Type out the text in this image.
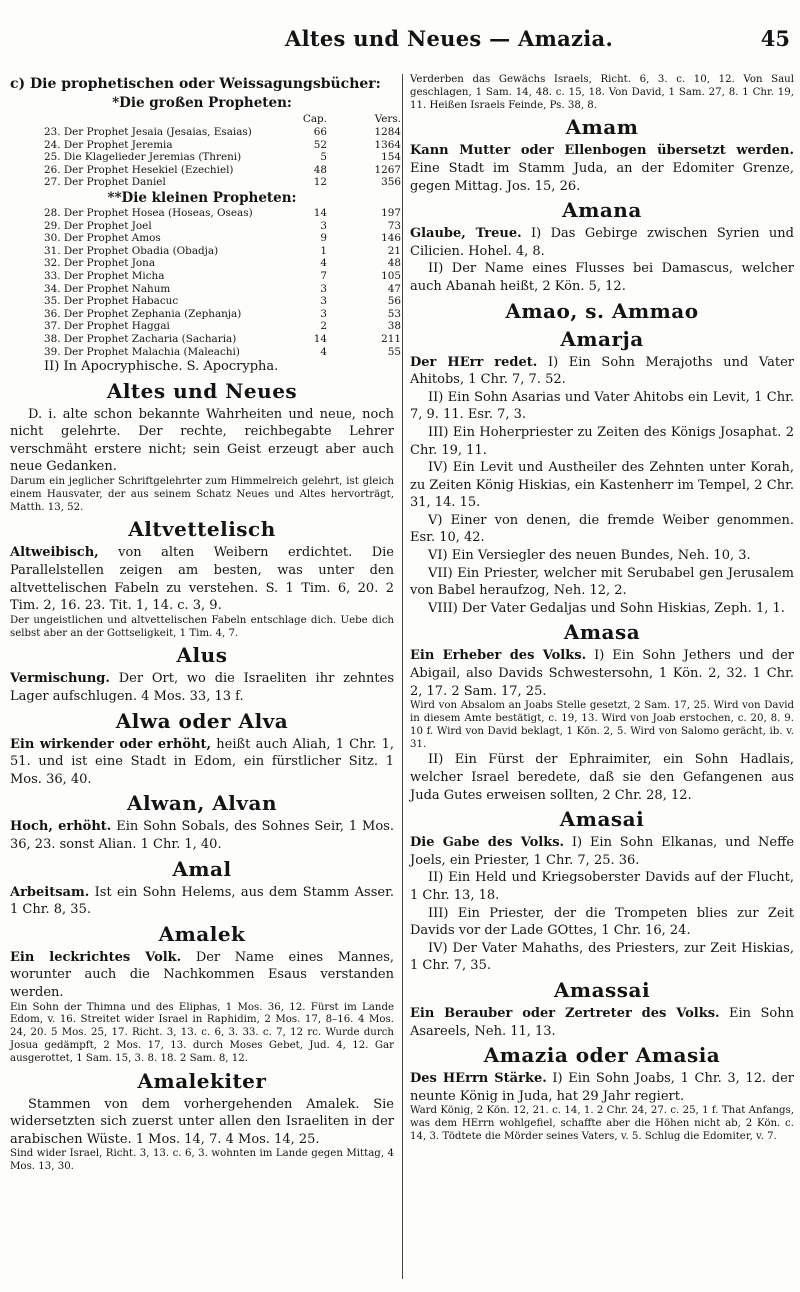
Altes und Neues — Amazia.	45

c) Die prophetischen oder Weissagungsbücher:

*Die großen Propheten:

	Cap.	Vers.
23. Der Prophet Jesaia (Jesaias, Esaias)	66	1284
24. Der Prophet Jeremia	52	1364
25. Die Klagelieder Jeremias (Threni)	5	154
26. Der Prophet Hesekiel (Ezechiel)	48	1267
27. Der Prophet Daniel	12	356

**Die kleinen Propheten:

28. Der Prophet Hosea (Hoseas, Oseas)	14	197
29. Der Prophet Joel	3	73
30. Der Prophet Amos	9	146
31. Der Prophet Obadia (Obadja)	1	21
32. Der Prophet Jona	4	48
33. Der Prophet Micha	7	105
34. Der Prophet Nahum	3	47
35. Der Prophet Habacuc	3	56
36. Der Prophet Zephania (Zephanja)	3	53
37. Der Prophet Haggai	2	38
38. Der Prophet Zacharia (Sacharia)	14	211
39. Der Prophet Malachia (Maleachi)	4	55

II) In Apocryphische. S. Apocrypha.

Altes und Neues

D. i. alte schon bekannte Wahrheiten und neue, noch nicht gelehrte. Der rechte, reichbegabte Lehrer verschmäht erstere nicht; sein Geist erzeugt aber auch neue Gedanken.

Darum ein jeglicher Schriftgelehrter zum Himmelreich gelehrt, ist gleich einem Hausvater, der aus seinem Schatz Neues und Altes hervorträgt, Matth. 13, 52.

Altvettelisch

Altweibisch, von alten Weibern erdichtet. Die Parallelstellen zeigen am besten, was unter den altvettelischen Fabeln zu verstehen. S. 1 Tim. 6, 20. 2 Tim. 2, 16. 23. Tit. 1, 14. c. 3, 9.

Der ungeistlichen und altvettelischen Fabeln entschlage dich. Uebe dich selbst aber an der Gottseligkeit, 1 Tim. 4, 7.

Alus

Vermischung. Der Ort, wo die Israeliten ihr zehntes Lager aufschlugen. 4 Mos. 33, 13 f.

Alwa oder Alva

Ein wirkender oder erhöht, heißt auch Aliah, 1 Chr. 1, 51. und ist eine Stadt in Edom, ein fürstlicher Sitz. 1 Mos. 36, 40.

Alwan, Alvan

Hoch, erhöht. Ein Sohn Sobals, des Sohnes Seir, 1 Mos. 36, 23. sonst Alian. 1 Chr. 1, 40.

Amal

Arbeitsam. Ist ein Sohn Helems, aus dem Stamm Asser. 1 Chr. 8, 35.

Amalek

Ein leckrichtes Volk. Der Name eines Mannes, worunter auch die Nachkommen Esaus verstanden werden.

Ein Sohn der Thimna und des Eliphas, 1 Mos. 36, 12. Fürst im Lande Edom, v. 16. Streitet wider Israel in Raphidim, 2 Mos. 17, 8–16. 4 Mos. 24, 20. 5 Mos. 25, 17. Richt. 3, 13. c. 6, 3. 33. c. 7, 12 rc. Wurde durch Josua gedämpft, 2 Mos. 17, 13. durch Moses Gebet, Jud. 4, 12. Gar ausgerottet, 1 Sam. 15, 3. 8. 18. 2 Sam. 8, 12.

Amalekiter

Stammen von dem vorhergehenden Amalek. Sie widersetzten sich zuerst unter allen den Israeliten in der arabischen Wüste. 1 Mos. 14, 7. 4 Mos. 14, 25.

Sind wider Israel, Richt. 3, 13. c. 6, 3. wohnten im Lande gegen Mittag, 4 Mos. 13, 30.

Verderben das Gewächs Israels, Richt. 6, 3. c. 10, 12. Von Saul geschlagen, 1 Sam. 14, 48. c. 15, 18. Von David, 1 Sam. 27, 8. 1 Chr. 19, 11. Heißen Israels Feinde, Ps. 38, 8.

Amam

Kann Mutter oder Ellenbogen übersetzt werden. Eine Stadt im Stamm Juda, an der Edomiter Grenze, gegen Mittag. Jos. 15, 26.

Amana

Glaube, Treue. I) Das Gebirge zwischen Syrien und Cilicien. Hohel. 4, 8.

II) Der Name eines Flusses bei Damascus, welcher auch Abanah heißt, 2 Kön. 5, 12.

Amao, s. Ammao
Amarja

Der HErr redet. I) Ein Sohn Merajoths und Vater Ahitobs, 1 Chr. 7, 7. 52.

II) Ein Sohn Asarias und Vater Ahitobs ein Levit, 1 Chr. 7, 9. 11. Esr. 7, 3.

III) Ein Hoherpriester zu Zeiten des Königs Josaphat. 2 Chr. 19, 11.

IV) Ein Levit und Austheiler des Zehnten unter Korah, zu Zeiten König Hiskias, ein Kastenherr im Tempel, 2 Chr. 31, 14. 15.

V) Einer von denen, die fremde Weiber genommen. Esr. 10, 42.

VI) Ein Versiegler des neuen Bundes, Neh. 10, 3.

VII) Ein Priester, welcher mit Serubabel gen Jerusalem von Babel heraufzog, Neh. 12, 2.

VIII) Der Vater Gedaljas und Sohn Hiskias, Zeph. 1, 1.

Amasa

Ein Erheber des Volks. I) Ein Sohn Jethers und der Abigail, also Davids Schwestersohn, 1 Kön. 2, 32. 1 Chr. 2, 17. 2 Sam. 17, 25.

Wird von Absalom an Joabs Stelle gesetzt, 2 Sam. 17, 25. Wird von David in diesem Amte bestätigt, c. 19, 13. Wird von Joab erstochen, c. 20, 8. 9. 10 f. Wird von David beklagt, 1 Kön. 2, 5. Wird von Salomo gerächt, ib. v. 31.

II) Ein Fürst der Ephraimiter, ein Sohn Hadlais, welcher Israel beredete, daß sie den Gefangenen aus Juda Gutes erweisen sollten, 2 Chr. 28, 12.

Amasai

Die Gabe des Volks. I) Ein Sohn Elkanas, und Neffe Joels, ein Priester, 1 Chr. 7, 25. 36.

II) Ein Held und Kriegsoberster Davids auf der Flucht, 1 Chr. 13, 18.

III) Ein Priester, der die Trompeten blies zur Zeit Davids vor der Lade GOttes, 1 Chr. 16, 24.

IV) Der Vater Mahaths, des Priesters, zur Zeit Hiskias, 1 Chr. 7, 35.

Amassai

Ein Berauber oder Zertreter des Volks. Ein Sohn Asareels, Neh. 11, 13.

Amazia oder Amasia

Des HErrn Stärke. I) Ein Sohn Joabs, 1 Chr. 3, 12. der neunte König in Juda, hat 29 Jahr regiert.

Ward König, 2 Kön. 12, 21. c. 14, 1. 2 Chr. 24, 27. c. 25, 1 f. That Anfangs, was dem HErrn wohlgefiel, schaffte aber die Höhen nicht ab, 2 Kön. c. 14, 3. Tödtete die Mörder seines Vaters, v. 5. Schlug die Edomiter, v. 7.
